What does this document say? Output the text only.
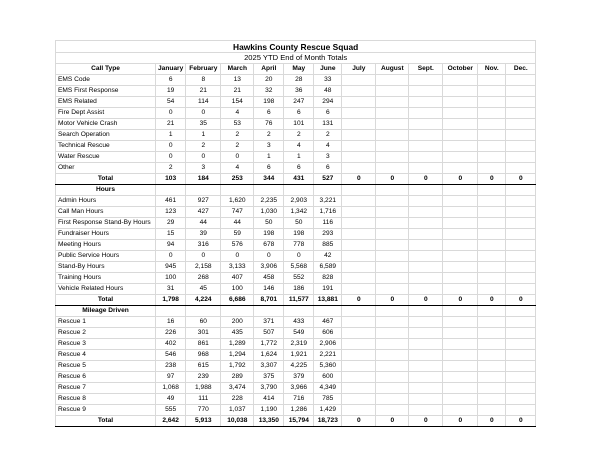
Hawkins County Rescue Squad												
2025 YTD End of Month Totals												
Call Type	January	February	March	April	May	June	July	August	Sept.	October	Nov.	Dec.
EMS Code	6	8	13	20	28	33						
EMS First Response	19	21	21	32	36	48						
EMS Related	54	114	154	198	247	294						
Fire Dept Assist	0	0	4	6	6	6						
Motor Vehicle Crash	21	35	53	76	101	131						
Search Operation	1	1	2	2	2	2						
Technical Rescue	0	2	2	3	4	4						
Water Rescue	0	0	0	1	1	3						
Other	2	3	4	6	6	6						
Total	103	184	253	344	431	527	0	0	0	0	0	0
Hours												
Admin Hours	461	927	1,620	2,235	2,903	3,221						
Call Man Hours	123	427	747	1,030	1,342	1,716						
First Response Stand-By Hours	29	44	44	50	50	116						
Fundraiser Hours	15	39	59	198	198	293						
Meeting Hours	94	316	576	678	778	885						
Public Service Hours	0	0	0	0	0	42						
Stand-By Hours	945	2,158	3,133	3,906	5,568	6,589						
Training Hours	100	268	407	458	552	828						
Vehicle Related Hours	31	45	100	146	186	191						
Total	1,798	4,224	6,686	8,701	11,577	13,881	0	0	0	0	0	0
Mileage Driven												
Rescue 1	16	60	200	371	433	467						
Rescue 2	226	301	435	507	549	606						
Rescue 3	402	861	1,289	1,772	2,319	2,906						
Rescue 4	546	968	1,294	1,624	1,921	2,221						
Rescue 5	238	615	1,792	3,307	4,225	5,360						
Rescue 6	97	239	289	375	379	600						
Rescue 7	1,068	1,988	3,474	3,790	3,966	4,349						
Rescue 8	49	111	228	414	716	785						
Rescue 9	555	770	1,037	1,190	1,286	1,429						
Total	2,642	5,913	10,038	13,350	15,794	18,723	0	0	0	0	0	0
